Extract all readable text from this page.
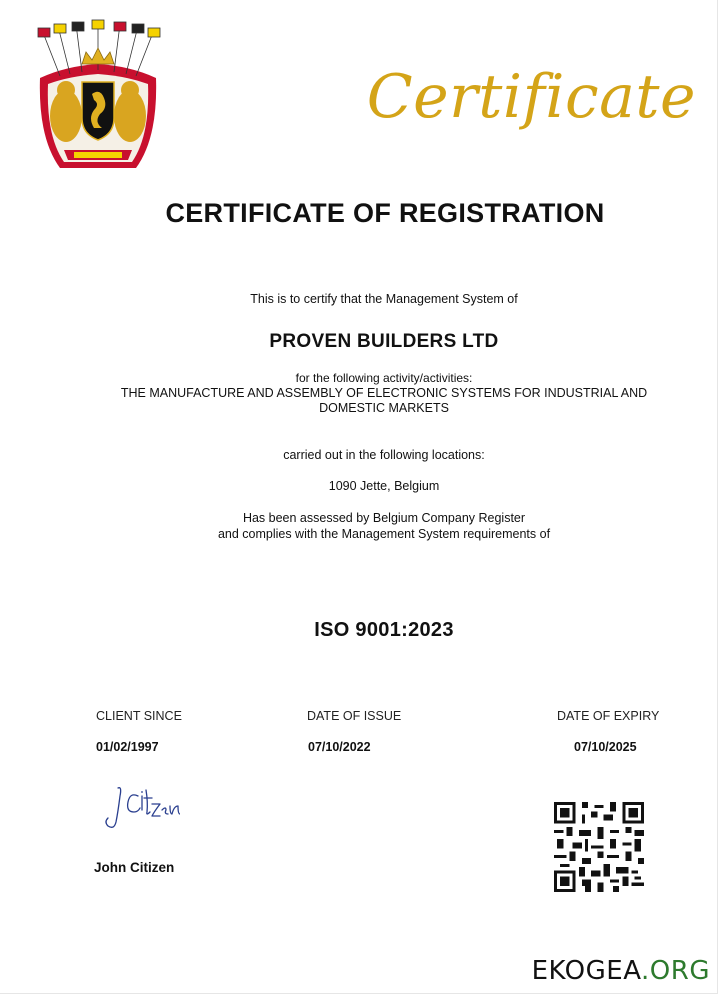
Certificate
CERTIFICATE OF REGISTRATION
This is to certify that the Management System of
PROVEN BUILDERS LTD
for the following activity/activities:
THE MANUFACTURE AND ASSEMBLY OF ELECTRONIC SYSTEMS FOR INDUSTRIAL AND DOMESTIC MARKETS
carried out in the following locations:
1090 Jette, Belgium
Has been assessed by Belgium Company Register
and complies with the Management System requirements of
ISO 9001:2023
CLIENT SINCE
01/02/1997
DATE OF ISSUE
07/10/2022
DATE OF EXPIRY
07/10/2025
John Citizen
EKOGEA.ORG
